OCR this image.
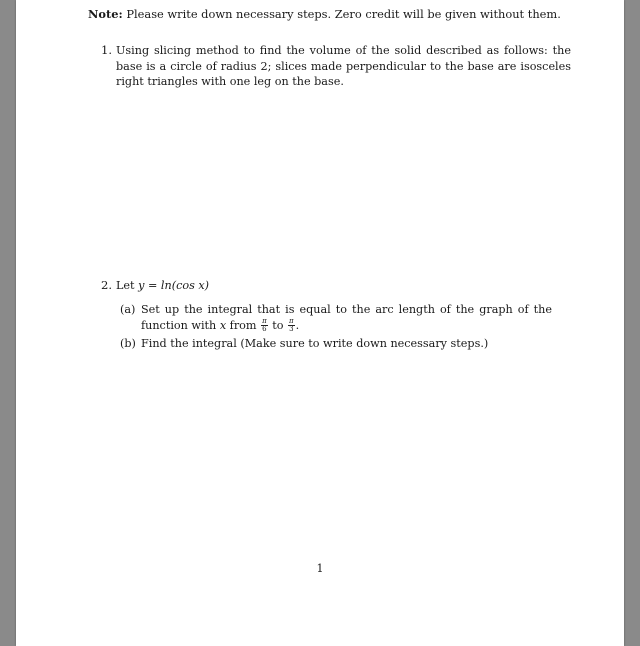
Note: Please write down necessary steps. Zero credit will be given without them.
1. Using slicing method to find the volume of the solid described as follows: the base is a circle of radius 2; slices made perpendicular to the base are isosceles right triangles with one leg on the base.
2. Let y = ln(cos x)
(a) Set up the integral that is equal to the arc length of the graph of the function with x from $\frac{\pi}{6}$ to $\frac{\pi}{3}$ .
(b) Find the integral (Make sure to write down necessary steps.)
1
